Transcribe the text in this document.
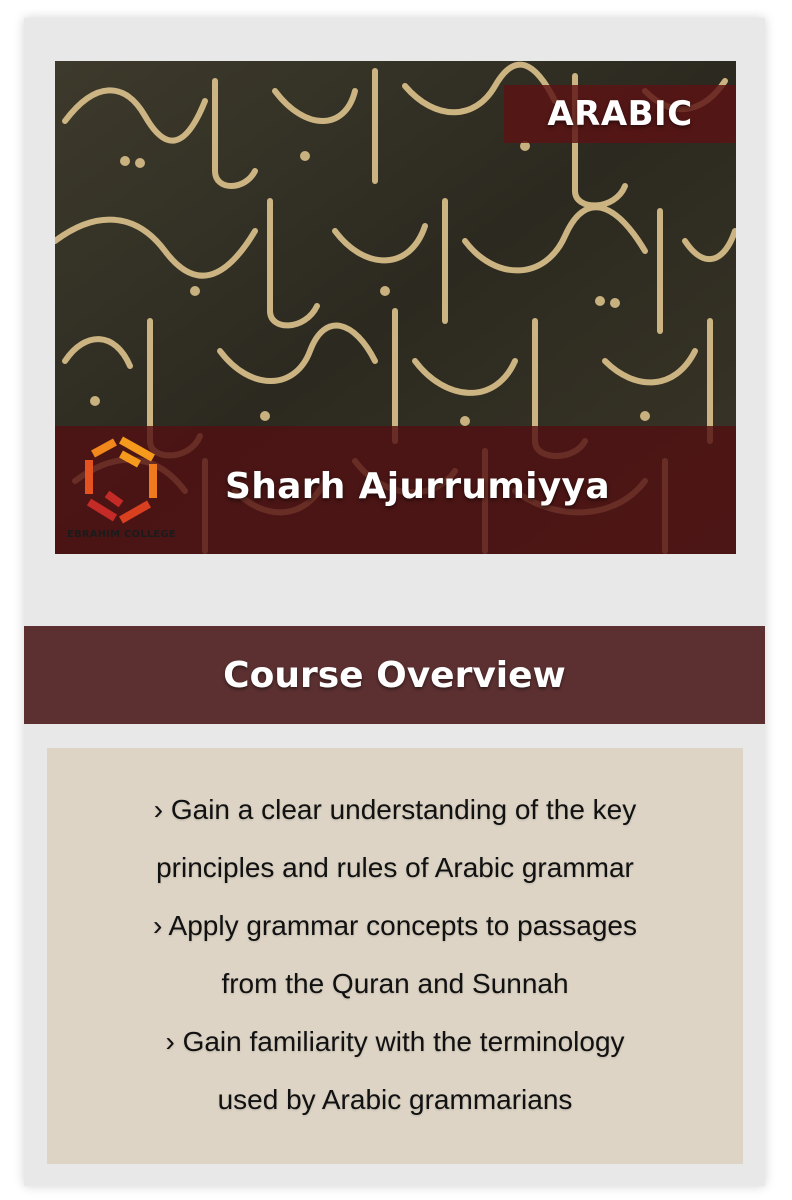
ARABIC
EBRAHIM COLLEGE
Sharh Ajurrumiyya
Course Overview
› Gain a clear understanding of the key
principles and rules of Arabic grammar
› Apply grammar concepts to passages
from the Quran and Sunnah
› Gain familiarity with the terminology
used by Arabic grammarians
